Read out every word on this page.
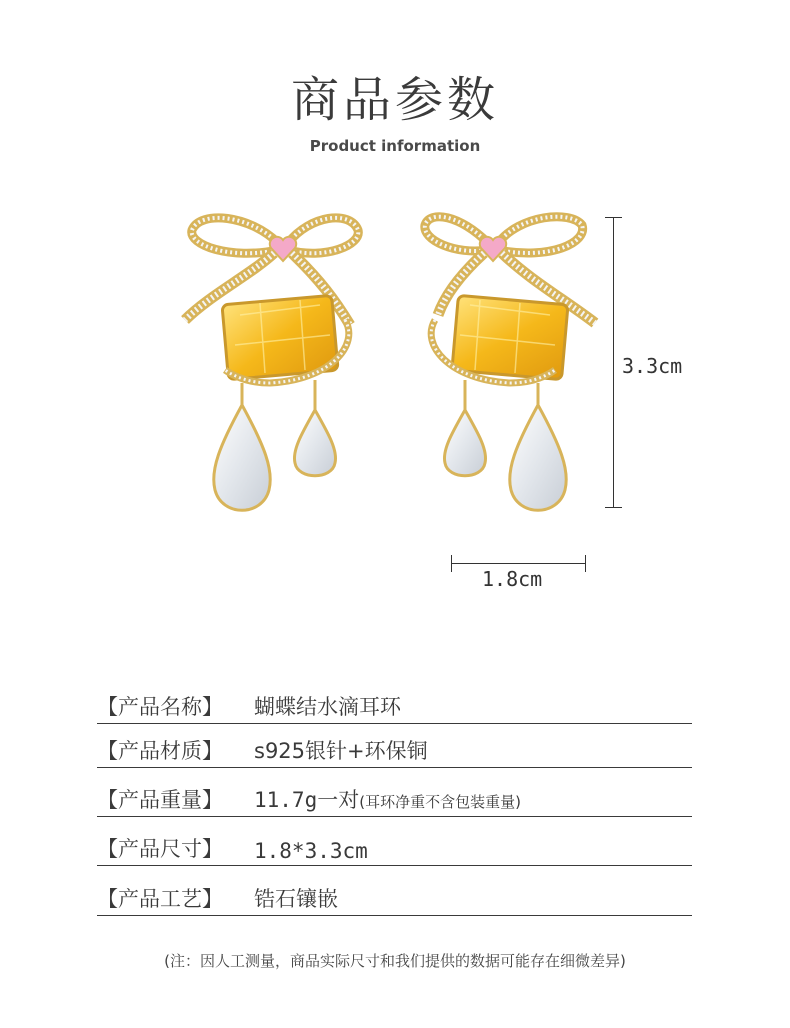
商品参数
Product information
3.3cm
1.8cm
【产品名称】 蝴蝶结水滴耳环
【产品材质】 s925银针+环保铜
【产品重量】 11.7g一对(耳环净重不含包装重量)
【产品尺寸】 1.8*3.3cm
【产品工艺】 锆石镶嵌
(注：因人工测量，商品实际尺寸和我们提供的数据可能存在细微差异)
